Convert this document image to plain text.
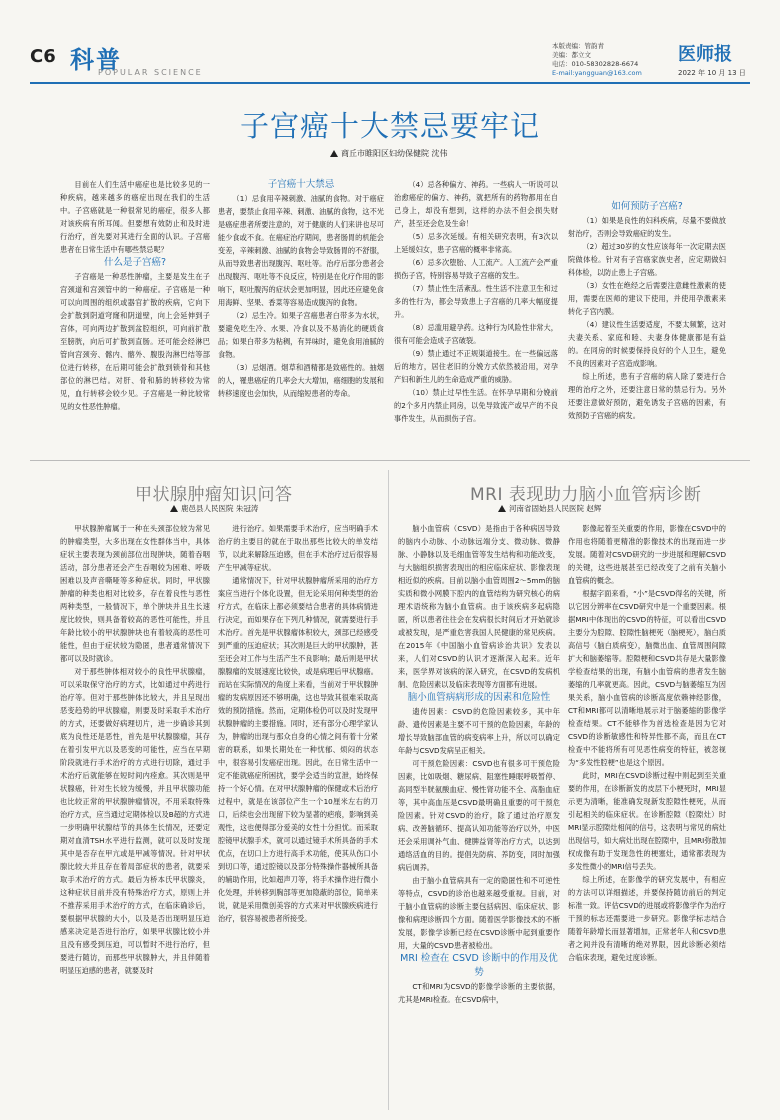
C6 科普
POPULAR SCIENCE
本版责编：管韵青
美编：都立文
电话：010-58302828-6674
E-mail:yangguan@163.com
医师报
2022 年 10 月 13 日
子宫癌十大禁忌要牢记
商丘市睢阳区妇幼保健院 沈伟

目前在人们生活中癌症也是比较多见的一种疾病，越来越多的癌症出现在我们的生活中。子宫癌就是一种很常见的癌症，很多人都对该疾病有所耳闻。但要想有效防止和及时进行治疗，首先要对其进行全面的认识。子宫癌患者在日常生活中有哪些禁忌呢？

什么是子宫癌?

子宫癌是一种恶性肿瘤，主要是发生在子宫颈道和宫颈管中的一种癌症。子宫癌是一种可以向周围的组织或器官扩散的疾病，它向下会扩散到阴道穹窿和阴道壁，向上会延伸到子宫体，可向两边扩散到盆腔组织，可向前扩散至膀胱，向后可扩散到直肠。还可能会经淋巴管向宫颈旁、髂内、髂外、腹股沟淋巴结等部位进行转移，在后期可能会扩散到锁骨和其他部位的淋巴结。对肝、骨和肺的转移较为常见，血行转移会较少见。子宫癌是一种比较常见的女性恶性肿瘤。

子宫癌十大禁忌

（1）忌食用辛辣刺激、油腻的食物。对于癌症患者，要禁止食用辛辣、刺激、油腻的食物，这不光是癌症患者所要注意的，对于健康的人们来讲也尽可能少食或不食。在癌症治疗期间，患者肠胃的机能会变差，辛辣刺激、油腻的食物会导致肠胃的不舒服，从而导致患者出现腹泻、呕吐等。治疗后部分患者会出现腹泻、呕吐等不良反应，特别是在化疗作用的影响下，呕吐腹泻的症状会更加明显，因此还应避免食用海鲜、坚果、香菜等容易造成腹泻的食物。

（2）忌生冷。如果子宫癌患者白带多为水状，要避免吃生冷、水果、冷食以及不易消化的硬质食品；如果白带多为粘稠，有异味时，避免食用油腻的食物。

（3）忌烟酒。烟草和酒精都是致癌性的。抽烟的人，罹患癌症的几率会大大增加，癌细胞的发展和转移速度也会加快，从而缩短患者的寿命。

（4）忌各种偏方、神药。一些病人一听说可以治愈癌症的偏方、神药，就把所有的药物都用在自己身上，却没有想到，这样的办法不但会损失财产，甚至还会危及生命！

（5）忌多次延缓。有相关研究表明，有3次以上延缓妇女，患子宫癌的概率非常高。

（6）忌多次堕胎、人工流产。人工流产会严重损伤子宫，特别容易导致子宫癌的发生。

（7）禁止性生活紊乱。性生活不注意卫生和过多的性行为，都会导致患上子宫癌的几率大幅度提升。

（8）忌滥用避孕药。这种行为风险性非常大，很有可能会造成子宫破裂。

（9）禁止通过不正规渠道接生。在一些偏远落后的地方，居住老旧的分娩方式依然被沿用，对孕产妇和新生儿的生命造成严重的威胁。

（10）禁止过早性生活。在怀孕早期和分娩前的2个多月内禁止同房，以免导致流产或早产的不良事件发生，从而损伤子宫。

如何预防子宫癌?

（1）如果是良性的妇科疾病，尽量不要做放射治疗，否则会导致癌症的发生。

（2）超过30岁的女性应该每年一次定期去医院做体检。针对有子宫癌家族史者，应定期做妇科体检，以防止患上子宫癌。

（3）女性在绝经之后需要注意雌性激素的使用，需要在医师的建议下使用，并使用孕激素来转化子宫内膜。

（4）建议性生活要适度，不要太频繁，这对夫妻关系、家庭和睦、夫妻身体健康都是有益的。在同房的时候要保持良好的个人卫生，避免不良的因素对子宫造成影响。

综上所述，患有子宫癌的病人除了要进行合理的治疗之外，还要注意日常的禁忌行为。另外还要注意做好预防，避免诱发子宫癌的因素，有效预防子宫癌的病发。

甲状腺肿瘤知识问答
鹿邑县人民医院 朱冠涛

甲状腺肿瘤属于一种在头颈部位较为常见的肿瘤类型，大多出现在女性群体当中，具体症状主要表现为颈前部位出现肿块，随着吞咽活动，部分患者还会产生吞咽较为困难、呼吸困难以及声音嘶哑等多种症状。同时，甲状腺肿瘤的种类也相对比较多，存在着良性与恶性两种类型，一般情况下，单个肿块并且生长速度比较快，则具备着较高的恶性可能性，并且年龄比较小的甲状腺肿块也有着较高的恶性可能性，但由于症状较为隐匿，患者通常情况下都可以及时就诊。

对于那些肿体相对较小的良性甲状腺瘤，可以采取保守治疗的方式，比如通过中药进行治疗等。但对于那些肿体比较大，并且呈现出恶变趋势的甲状腺瘤，则要及时采取手术治疗的方式，还要做好病理切片，进一步确诊其到底为良性还是恶性，首先是甲状腺腺瘤，其存在着引发甲亢以及恶变的可能性，应当在早期阶段就进行手术治疗的方式进行切除，通过手术治疗后就能够在短时间内痊愈。其次则是甲状腺癌，针对生长较为缓慢，并且甲状腺功能也比较正常的甲状腺肿瘤情况，不用采取特殊治疗方式，应当通过定期体检以及B超的方式进一步明确甲状腺结节的具体生长情况，还要定期对血清TSH水平进行监测，就可以及时发现其中是否存在甲亢或是甲减等情况。针对甲状腺比较大并且存在着局部症状的患者，就要采取手术治疗的方式。最后为桥本氏甲状腺炎，这种症状目前并没有特殊治疗方式，原则上并不推荐采用手术治疗的方式，在临床确诊后，要根据甲状腺的大小，以及是否出现明显压迫感来决定是否进行治疗，如果甲状腺比较小并且没有感受到压迫，可以暂时不进行治疗，但要进行随访，而那些甲状腺肿大，并且伴随着明显压迫感的患者，就要及时

进行治疗。如果需要手术治疗，应当明确手术治疗的主要目的就在于取出那些比较大的单发结节，以此来解除压迫感，但在手术治疗过后很容易产生甲减等症状。

通常情况下，针对甲状腺肿瘤所采用的治疗方案应当进行个体化设置，但无论采用何种类型的治疗方式，在临床上都必须要结合患者的具体病情进行决定，而如果存在下列几种情况，就需要进行手术治疗。首先是甲状腺瘤体积较大，颈部已经感受到严重的压迫症状；其次则是巨大的甲状腺肿，甚至还会对工作与生活产生不良影响；最后则是甲状腺腺瘤的发展速度比较快，或是病理后甲状腺癌。而站在实际情况的角度上来看，当前对于甲状腺肿瘤的发病原因还不够明确，这也导致其很难采取高效的预防措施。然而，定期体检仍可以及时发现甲状腺肿瘤的主要措施。同时，还有部分心理学家认为，肿瘤的出现与那众自身的心情之间有着十分紧密的联系，如果长期处在一种忧郁、烦闷的状态中，很容易引发癌症出现。因此，在日常生活中一定不能就癌症所困扰，要学会适当的宣泄，始终保持一个好心情。在对甲状腺肿瘤的保健或术后治疗过程中，就是在该部位产生一个10厘米左右的刀口，后续也会出现留下较为显著的疤痕，影响到美观性，这也便得部分爱美的女性十分担忧。而采取腔镜甲状腺手术，就可以通过镜手术所具备的手术优点，在切口上方进行高手术功能，使其从伤口小到切口等，通过腔镜以及部分特殊操作器械所具备的辅助作用，比如超声刀等，将手术操作进行微小化处理，并转移到胸部等更加隐蔽的部位，简单来说，就是采用微创美容的方式来对甲状腺疾病进行治疗，很容易被患者所接受。

MRI 表现助力脑小血管病诊断
河南省固始县人民医院 赵辉

脑小血管病（CSVD）是指由于各种病因导致的脑内小动脉、小动脉远端分支、微动脉、微静脉、小静脉以及毛细血管等发生结构和功能改变，与大脑组织损害表现出的相应临床症状、影像表现相近似的疾病。目前以脑小血管周围2～5mm的脑实质和微小网膜下腔内的血管结构为研究核心的病理术语统称为脑小血管病。由于该疾病多起病隐匿，所以患者往往会在发病很长时间后才开始就诊或被发现，是严重危害我国人民健康的常见疾病。在2015年《中国脑小血管病诊治共识》发表以来，人们对CSVD的认识才逐渐深入起来。近年来，医学界对该病的深入研究，在CSVD的发病机制、危险因素以及临床表现等方面都有进展。

脑小血管病病形成的因素和危险性

遗传因素：CSVD的危险因素较多，其中年龄、遗传因素是主要不可干预的危险因素，年龄的增长导致脑部血管的病变病率上升，所以可以确定年龄与CSVD发病呈正相关。

可干预危险因素：CSVD也有很多可干预危险因素，比如吸烟、糖尿病、阻塞性睡眠呼吸暂停、高同型半胱氨酸血症、慢性肾功能不全、高脂血症等，其中高血压是CSVD最明确且重要的可干预危险因素。针对CSVD的治疗，除了通过治疗原发病、改善脑循环、提高认知功能等治疗以外，中医还会采用调补气血、健脾益肾等治疗方式，以达到通络活血的目的。提倡先防病、养防变，同时加强病后调养。

由于脑小血管病具有一定的隐匿性和不可逆性等特点，CSVD的诊治也越来越受重视。目前，对于脑小血管病的诊断主要包括病因、临床症状、影像和病理诊断四个方面。随着医学影像技术的不断发展，影像学诊断已经在CSVD诊断中起到重要作用，大量的CSVD患者被检出。

MRI 检查在 CSVD 诊断中的作用及优势

CT和MRI为CSVD的影像学诊断的主要依据，尤其是MRI检查。在CSVD病中，

影像起着至关重要的作用，影像在CSVD中的作用也将随着更精准的影像技术的出现而进一步发展。随着对CSVD研究的一步进展和理解CSVD的关键，这些进展甚至已经改变了之前有关脑小血管病的概念。

根据字面来看，“小”是CSVD得名的关键，所以它因分辨率在CSVD研究中是一个重要因素。根据MRI中体现出的CSVD的特征，可以看出CSVD主要分为腔隙、腔隙性脑梗死（脑梗死），脑白质高信号（脑白质病变），脑微出血、血管周围间隙扩大和脑萎缩等。腔隙梗和CSVD共存是大量影像学检查结果的出现，有脑小血管病的患者发生脑萎缩的几率就更高。因此，CSVD与脑萎缩互为因果关系，脑小血管病的诊断高度依赖神经影像，CT和MRI都可以清晰地展示对于脑萎缩的影像学检查结果。CT不能够作为首选检查是因为它对CSVD的诊断敏感性和特异性都不高，而且在CT检查中不能将所有可见恶性病变的特征，被忽视为“多发性腔梗”也是这个原因。

此时，MRI在CSVD诊断过程中则起到至关重要的作用，在诊断新发的皮层下小梗死时，MRI显示更为清晰，能准确发现新发腔隙性梗死，从而引起相关的临床症状。在诊断腔隙（腔隙灶）时MRI显示腔隙灶相间的信号，这表明与常见的病灶出现信号，如大病灶出现在腔隙中，且MRI弥散加权成像有助于发现急性的梗塞灶，通常都表现为多发性微小的MRI信号丢失。

综上所述，在影像学的研究发展中，有相应的方法可以详细描述，并要保持随访前后的判定标准一致。评估CSVD的进展或将影像学作为治疗干预的标志还需要进一步研究。影像学标志结合随着年龄增长而显著增加，正常老年人和CSVD患者之间并没有清晰的绝对界限，因此诊断必须结合临床表现，避免过度诊断。
